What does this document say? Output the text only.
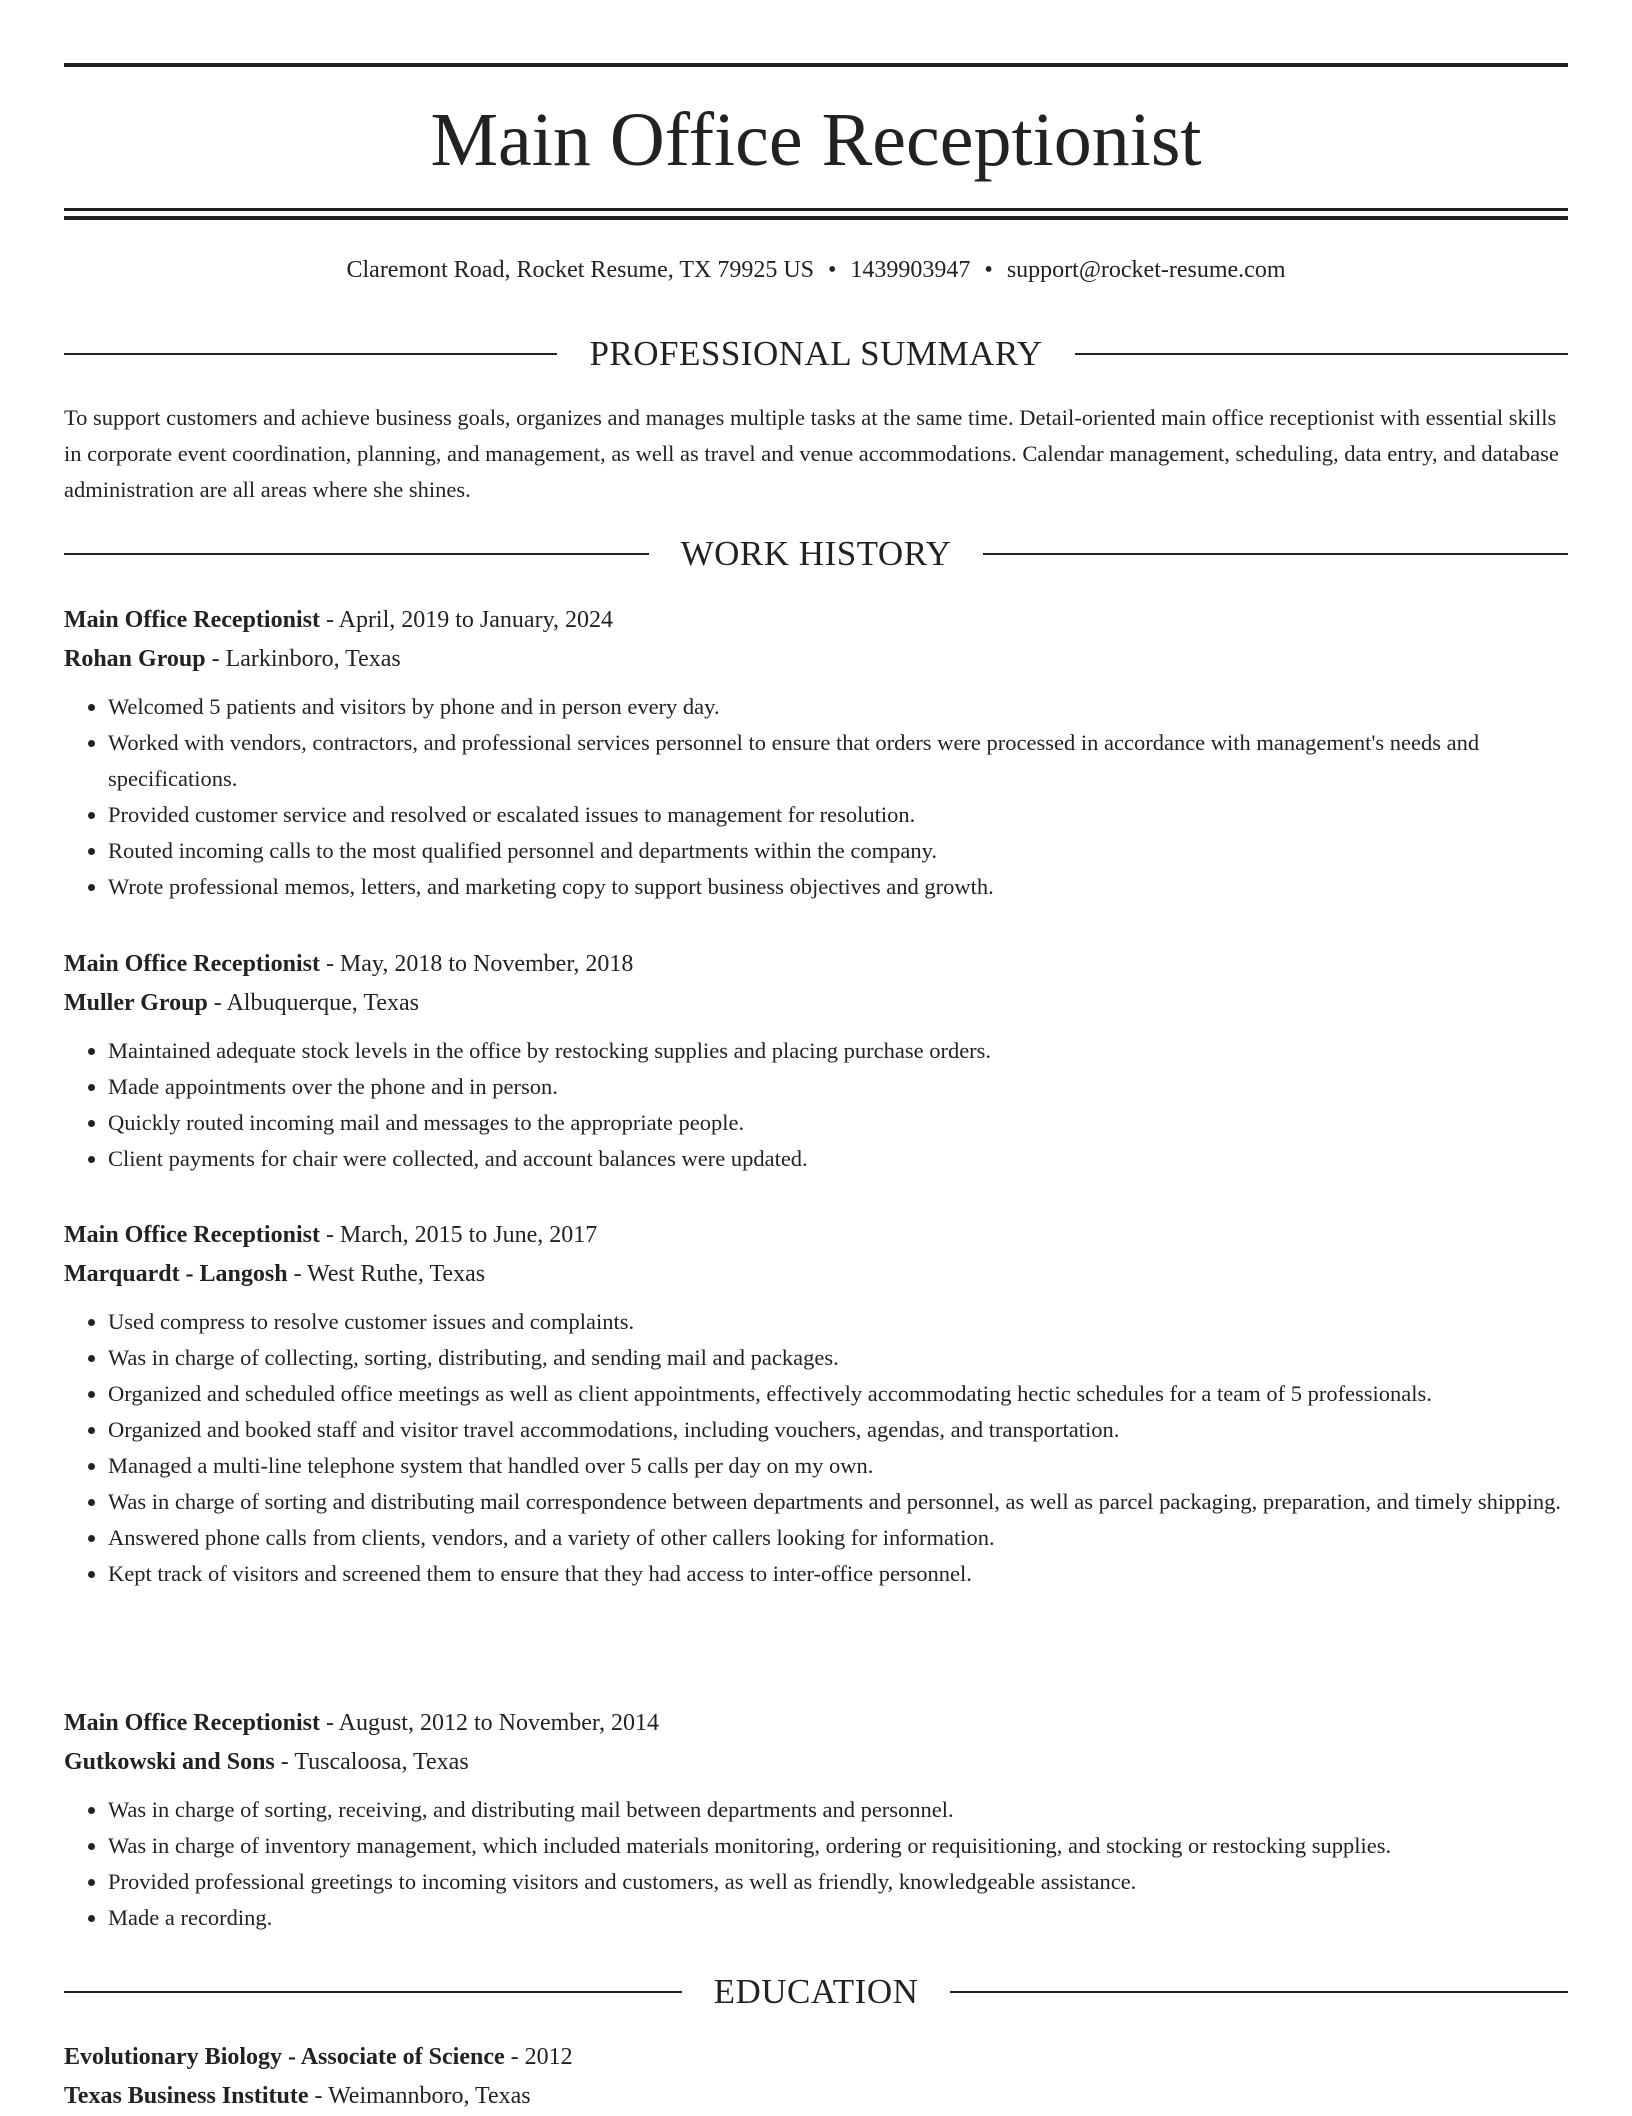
Main Office Receptionist
Claremont Road, Rocket Resume, TX 79925 US • 1439903947 • support@rocket-resume.com
PROFESSIONAL SUMMARY

To support customers and achieve business goals, organizes and manages multiple tasks at the same time. Detail-oriented main office receptionist with essential skills in corporate event coordination, planning, and management, as well as travel and venue accommodations. Calendar management, scheduling, data entry, and database administration are all areas where she shines.

WORK HISTORY
Main Office Receptionist - April, 2019 to January, 2024
Rohan Group - Larkinboro, Texas
• Welcomed 5 patients and visitors by phone and in person every day.
• Worked with vendors, contractors, and professional services personnel to ensure that orders were processed in accordance with management's needs and specifications.
• Provided customer service and resolved or escalated issues to management for resolution.
• Routed incoming calls to the most qualified personnel and departments within the company.
• Wrote professional memos, letters, and marketing copy to support business objectives and growth.
Main Office Receptionist - May, 2018 to November, 2018
Muller Group - Albuquerque, Texas
• Maintained adequate stock levels in the office by restocking supplies and placing purchase orders.
• Made appointments over the phone and in person.
• Quickly routed incoming mail and messages to the appropriate people.
• Client payments for chair were collected, and account balances were updated.
Main Office Receptionist - March, 2015 to June, 2017
Marquardt - Langosh - West Ruthe, Texas
• Used compress to resolve customer issues and complaints.
• Was in charge of collecting, sorting, distributing, and sending mail and packages.
• Organized and scheduled office meetings as well as client appointments, effectively accommodating hectic schedules for a team of 5 professionals.
• Organized and booked staff and visitor travel accommodations, including vouchers, agendas, and transportation.
• Managed a multi-line telephone system that handled over 5 calls per day on my own.
• Was in charge of sorting and distributing mail correspondence between departments and personnel, as well as parcel packaging, preparation, and timely shipping.
• Answered phone calls from clients, vendors, and a variety of other callers looking for information.
• Kept track of visitors and screened them to ensure that they had access to inter-office personnel.
Main Office Receptionist - August, 2012 to November, 2014
Gutkowski and Sons - Tuscaloosa, Texas
• Was in charge of sorting, receiving, and distributing mail between departments and personnel.
• Was in charge of inventory management, which included materials monitoring, ordering or requisitioning, and stocking or restocking supplies.
• Provided professional greetings to incoming visitors and customers, as well as friendly, knowledgeable assistance.
• Made a recording.
EDUCATION
Evolutionary Biology - Associate of Science - 2012
Texas Business Institute - Weimannboro, Texas
